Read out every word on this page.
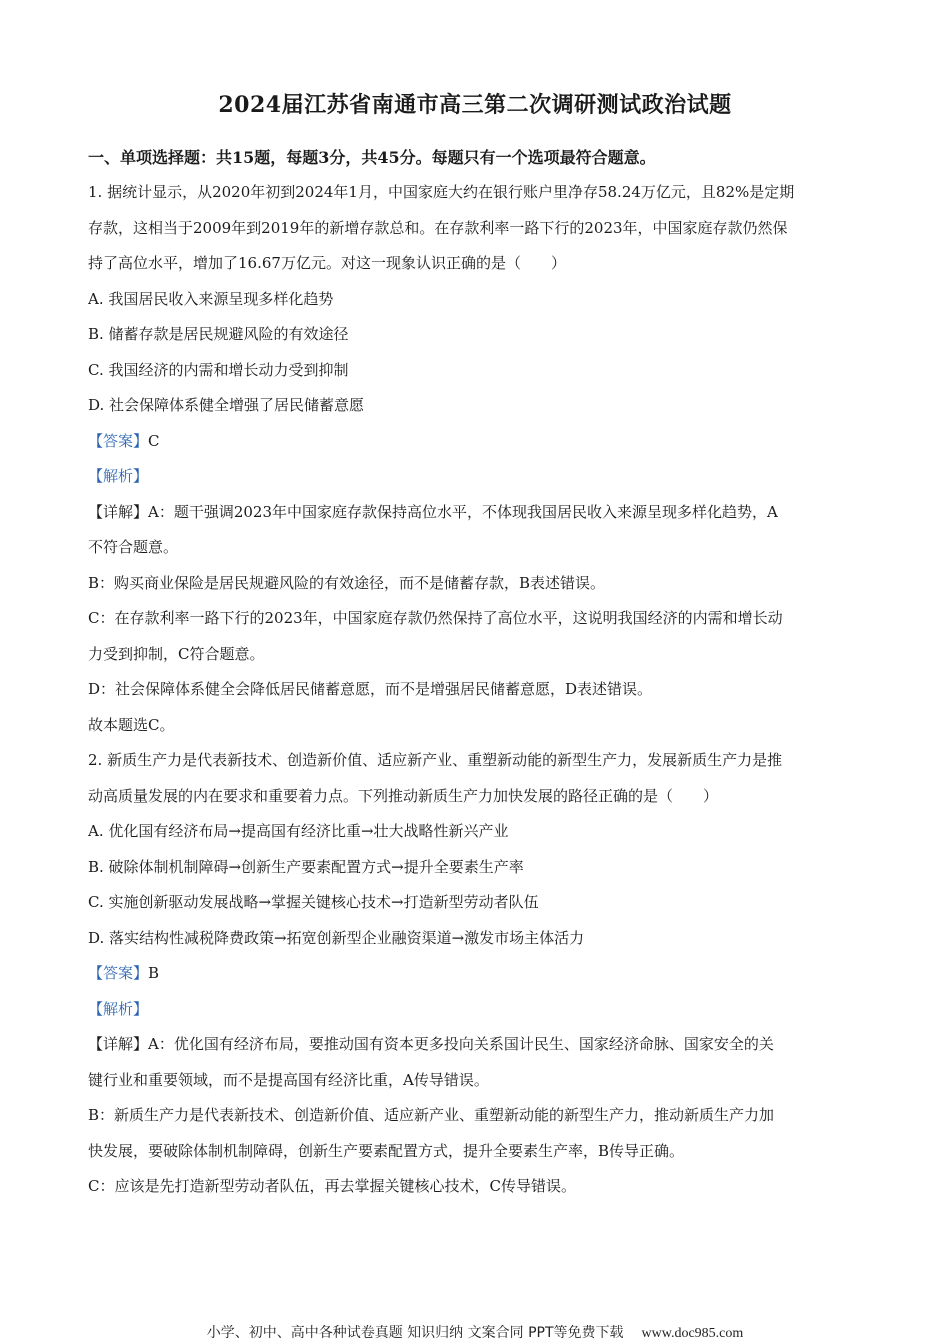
2024届江苏省南通市高三第二次调研测试政治试题
一、单项选择题：共15题，每题3分，共45分。每题只有一个选项最符合题意。
1. 据统计显示，从2020年初到2024年1月，中国家庭大约在银行账户里净存58.24万亿元，且82%是定期
存款，这相当于2009年到2019年的新增存款总和。在存款利率一路下行的2023年，中国家庭存款仍然保
持了高位水平，增加了16.67万亿元。对这一现象认识正确的是（　　）
A. 我国居民收入来源呈现多样化趋势
B. 储蓄存款是居民规避风险的有效途径
C. 我国经济的内需和增长动力受到抑制
D. 社会保障体系健全增强了居民储蓄意愿
【答案】C
【解析】
【详解】A：题干强调2023年中国家庭存款保持高位水平，不体现我国居民收入来源呈现多样化趋势，A
不符合题意。
B：购买商业保险是居民规避风险的有效途径，而不是储蓄存款，B表述错误。
C：在存款利率一路下行的2023年，中国家庭存款仍然保持了高位水平，这说明我国经济的内需和增长动
力受到抑制，C符合题意。
D：社会保障体系健全会降低居民储蓄意愿，而不是增强居民储蓄意愿，D表述错误。
故本题选C。
2. 新质生产力是代表新技术、创造新价值、适应新产业、重塑新动能的新型生产力，发展新质生产力是推
动高质量发展的内在要求和重要着力点。下列推动新质生产力加快发展的路径正确的是（　　）
A. 优化国有经济布局→提高国有经济比重→壮大战略性新兴产业
B. 破除体制机制障碍→创新生产要素配置方式→提升全要素生产率
C. 实施创新驱动发展战略→掌握关键核心技术→打造新型劳动者队伍
D. 落实结构性减税降费政策→拓宽创新型企业融资渠道→激发市场主体活力
【答案】B
【解析】
【详解】A：优化国有经济布局，要推动国有资本更多投向关系国计民生、国家经济命脉、国家安全的关
键行业和重要领域，而不是提高国有经济比重，A传导错误。
B：新质生产力是代表新技术、创造新价值、适应新产业、重塑新动能的新型生产力，推动新质生产力加
快发展，要破除体制机制障碍，创新生产要素配置方式，提升全要素生产率，B传导正确。
C：应该是先打造新型劳动者队伍，再去掌握关键核心技术，C传导错误。
小学、初中、高中各种试卷真题 知识归纳 文案合同 PPT等免费下载 www.doc985.com
